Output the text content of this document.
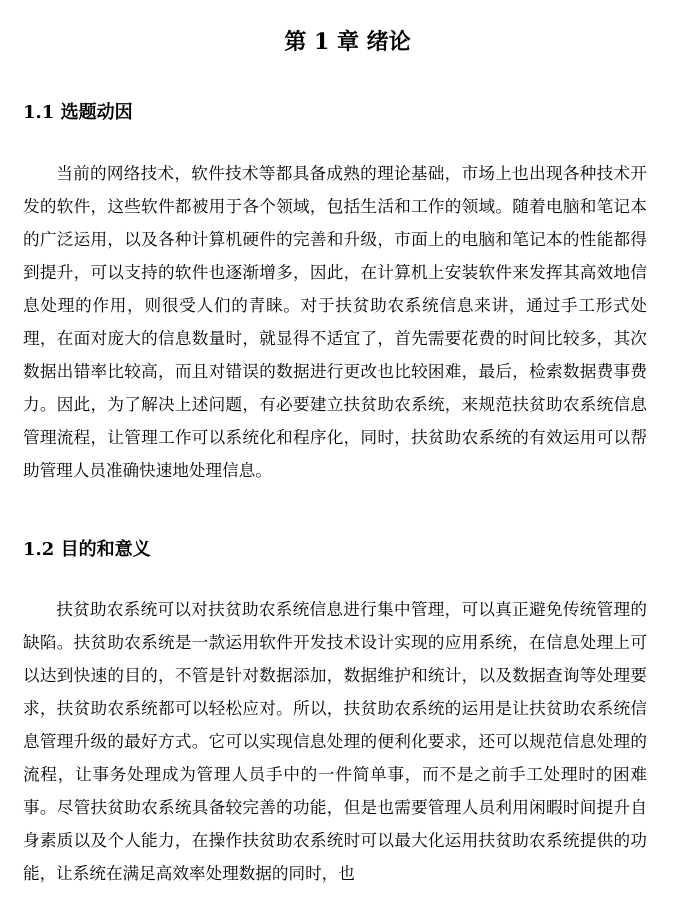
第 1 章 绪论
1.1 选题动因

当前的网络技术，软件技术等都具备成熟的理论基础，市场上也出现各种技术开发的软件，这些软件都被用于各个领域，包括生活和工作的领域。随着电脑和笔记本的广泛运用，以及各种计算机硬件的完善和升级，市面上的电脑和笔记本的性能都得到提升，可以支持的软件也逐渐增多，因此，在计算机上安装软件来发挥其高效地信息处理的作用，则很受人们的青睐。对于扶贫助农系统信息来讲，通过手工形式处理，在面对庞大的信息数量时，就显得不适宜了，首先需要花费的时间比较多，其次数据出错率比较高，而且对错误的数据进行更改也比较困难，最后，检索数据费事费力。因此，为了解决上述问题，有必要建立扶贫助农系统，来规范扶贫助农系统信息管理流程，让管理工作可以系统化和程序化，同时，扶贫助农系统的有效运用可以帮助管理人员准确快速地处理信息。

1.2 目的和意义

扶贫助农系统可以对扶贫助农系统信息进行集中管理，可以真正避免传统管理的缺陷。扶贫助农系统是一款运用软件开发技术设计实现的应用系统，在信息处理上可以达到快速的目的，不管是针对数据添加，数据维护和统计，以及数据查询等处理要求，扶贫助农系统都可以轻松应对。所以，扶贫助农系统的运用是让扶贫助农系统信息管理升级的最好方式。它可以实现信息处理的便利化要求，还可以规范信息处理的流程，让事务处理成为管理人员手中的一件简单事，而不是之前手工处理时的困难事。尽管扶贫助农系统具备较完善的功能，但是也需要管理人员利用闲暇时间提升自身素质以及个人能力，在操作扶贫助农系统时可以最大化运用扶贫助农系统提供的功能，让系统在满足高效率处理数据的同时，也
